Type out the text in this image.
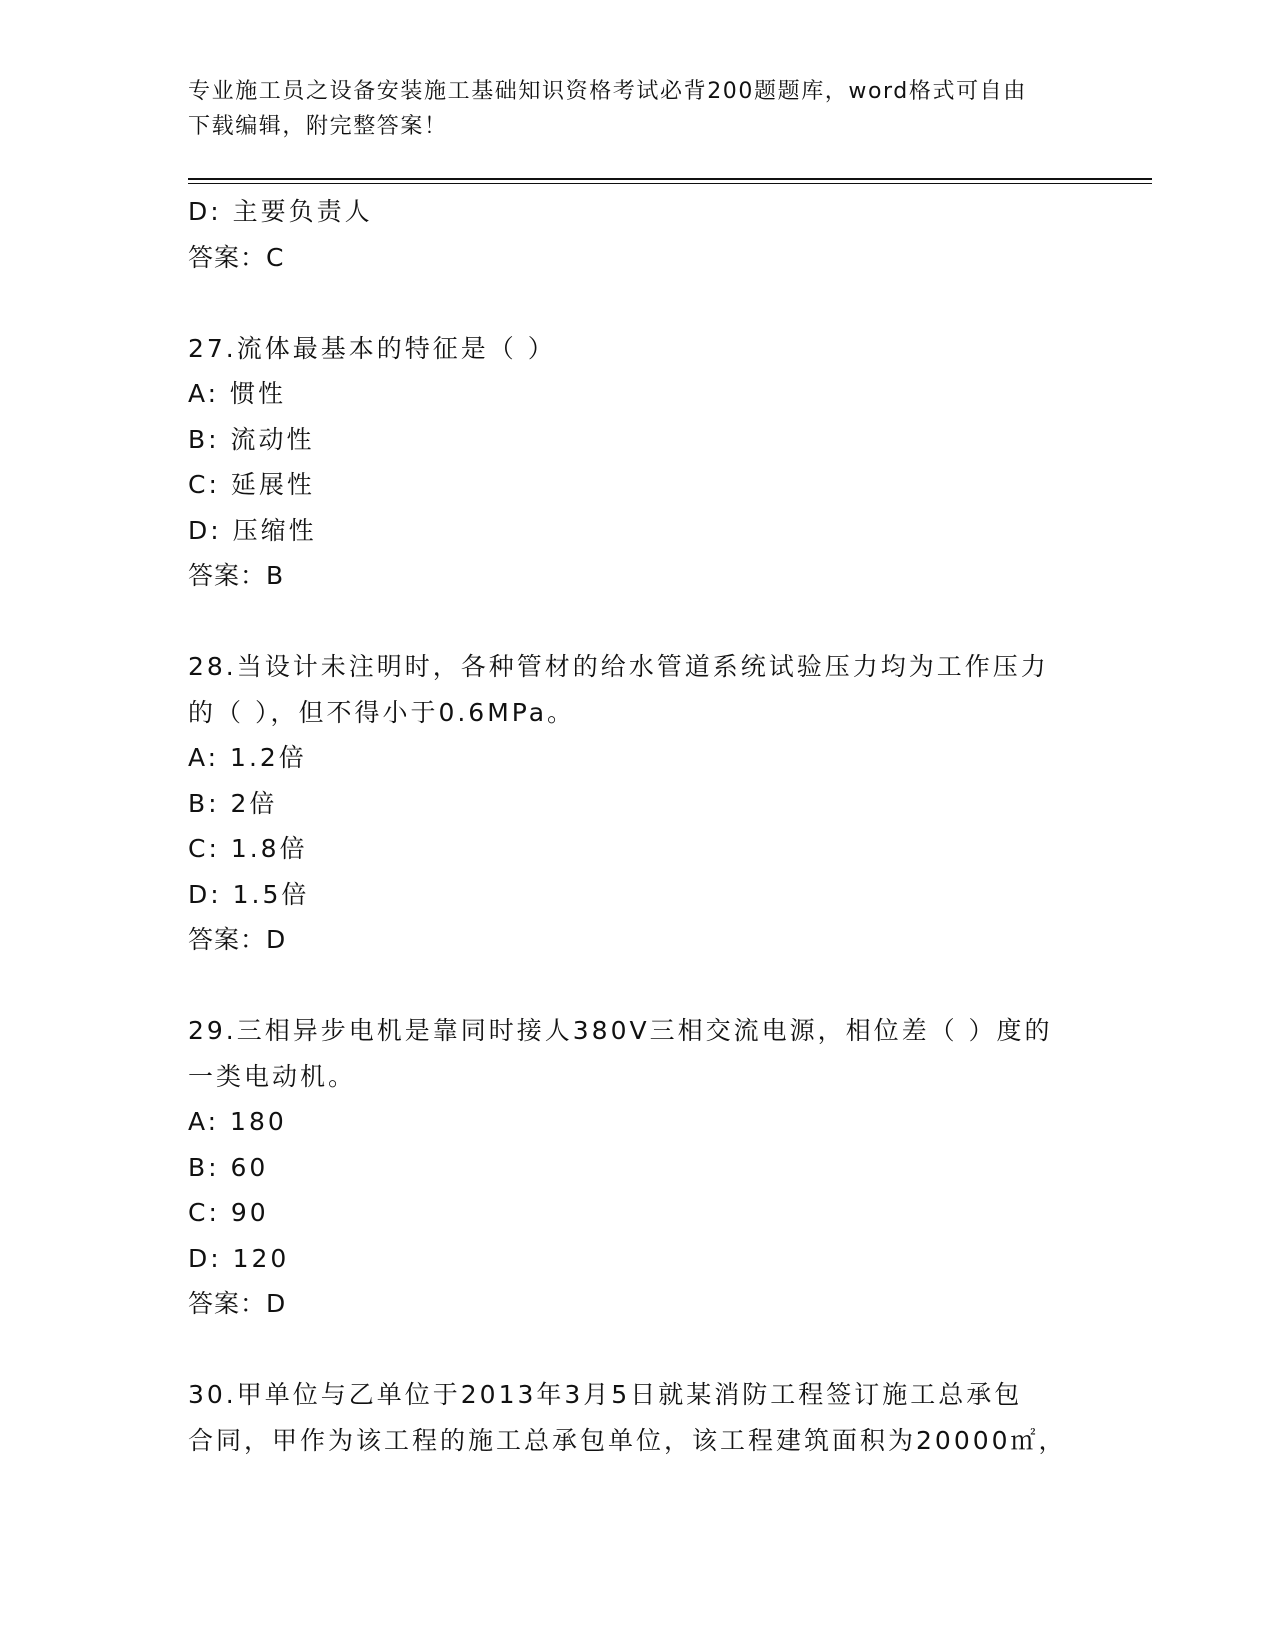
专业施工员之设备安装施工基础知识资格考试必背200题题库，word格式可自由
下载编辑，附完整答案！
D: 主要负责人
答案：C
27.流体最基本的特征是（ ）
A: 惯性
B: 流动性
C: 延展性
D: 压缩性
答案：B
28.当设计未注明时，各种管材的给水管道系统试验压力均为工作压力
的（ ），但不得小于0.6MPa。
A: 1.2倍
B: 2倍
C: 1.8倍
D: 1.5倍
答案：D
29.三相异步电机是靠同时接人380V三相交流电源，相位差（ ）度的
一类电动机。
A: 180
B: 60
C: 90
D: 120
答案：D
30.甲单位与乙单位于2013年3月5日就某消防工程签订施工总承包
合同，甲作为该工程的施工总承包单位，该工程建筑面积为20000㎡，
